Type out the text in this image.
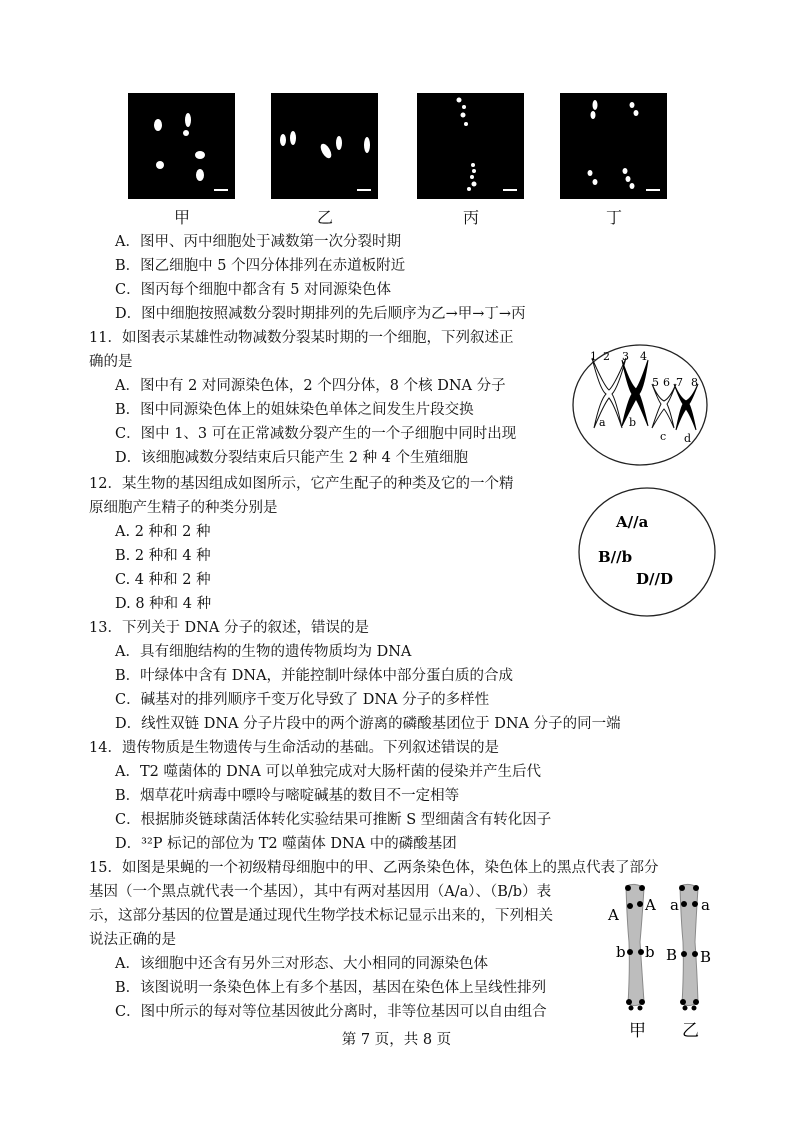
甲	乙	丙	丁
A．图甲、丙中细胞处于减数第一次分裂时期
B．图乙细胞中 5 个四分体排列在赤道板附近
C．图丙每个细胞中都含有 5 对同源染色体
D．图中细胞按照减数分裂时期排列的先后顺序为乙→甲→丁→丙
11．如图表示某雄性动物减数分裂某时期的一个细胞，下列叙述正
确的是
A．图中有 2 对同源染色体，2 个四分体，8 个核 DNA 分子
B．图中同源染色体上的姐妹染色单体之间发生片段交换
C．图中 1、3 可在正常减数分裂产生的一个子细胞中同时出现
D．该细胞减数分裂结束后只能产生 2 种 4 个生殖细胞
1 2 3 4
5 6 7 8
a b
c d
12．某生物的基因组成如图所示，它产生配子的种类及它的一个精
原细胞产生精子的种类分别是
A. 2 种和 2 种
B. 2 种和 4 种
C. 4 种和 2 种
D. 8 种和 4 种
A//a
B//b
D//D
13．下列关于 DNA 分子的叙述，错误的是
A．具有细胞结构的生物的遗传物质均为 DNA
B．叶绿体中含有 DNA，并能控制叶绿体中部分蛋白质的合成
C．碱基对的排列顺序千变万化导致了 DNA 分子的多样性
D．线性双链 DNA 分子片段中的两个游离的磷酸基团位于 DNA 分子的同一端
14．遗传物质是生物遗传与生命活动的基础。下列叙述错误的是
A．T2 噬菌体的 DNA 可以单独完成对大肠杆菌的侵染并产生后代
B．烟草花叶病毒中嘌呤与嘧啶碱基的数目不一定相等
C．根据肺炎链球菌活体转化实验结果可推断 S 型细菌含有转化因子
D．³²P 标记的部位为 T2 噬菌体 DNA 中的磷酸基团
15．如图是果蝇的一个初级精母细胞中的甲、乙两条染色体，染色体上的黑点代表了部分
基因（一个黑点就代表一个基因），其中有两对基因用（A/a）、（B/b）表
示，这部分基因的位置是通过现代生物学技术标记显示出来的，下列相关
说法正确的是
A．该细胞中还含有另外三对形态、大小相同的同源染色体
B．该图说明一条染色体上有多个基因，基因在染色体上呈线性排列
C．图中所示的每对等位基因彼此分离时，非等位基因可以自由组合
A
A
b b
a a
B B
甲 乙
第 7 页，共 8 页
